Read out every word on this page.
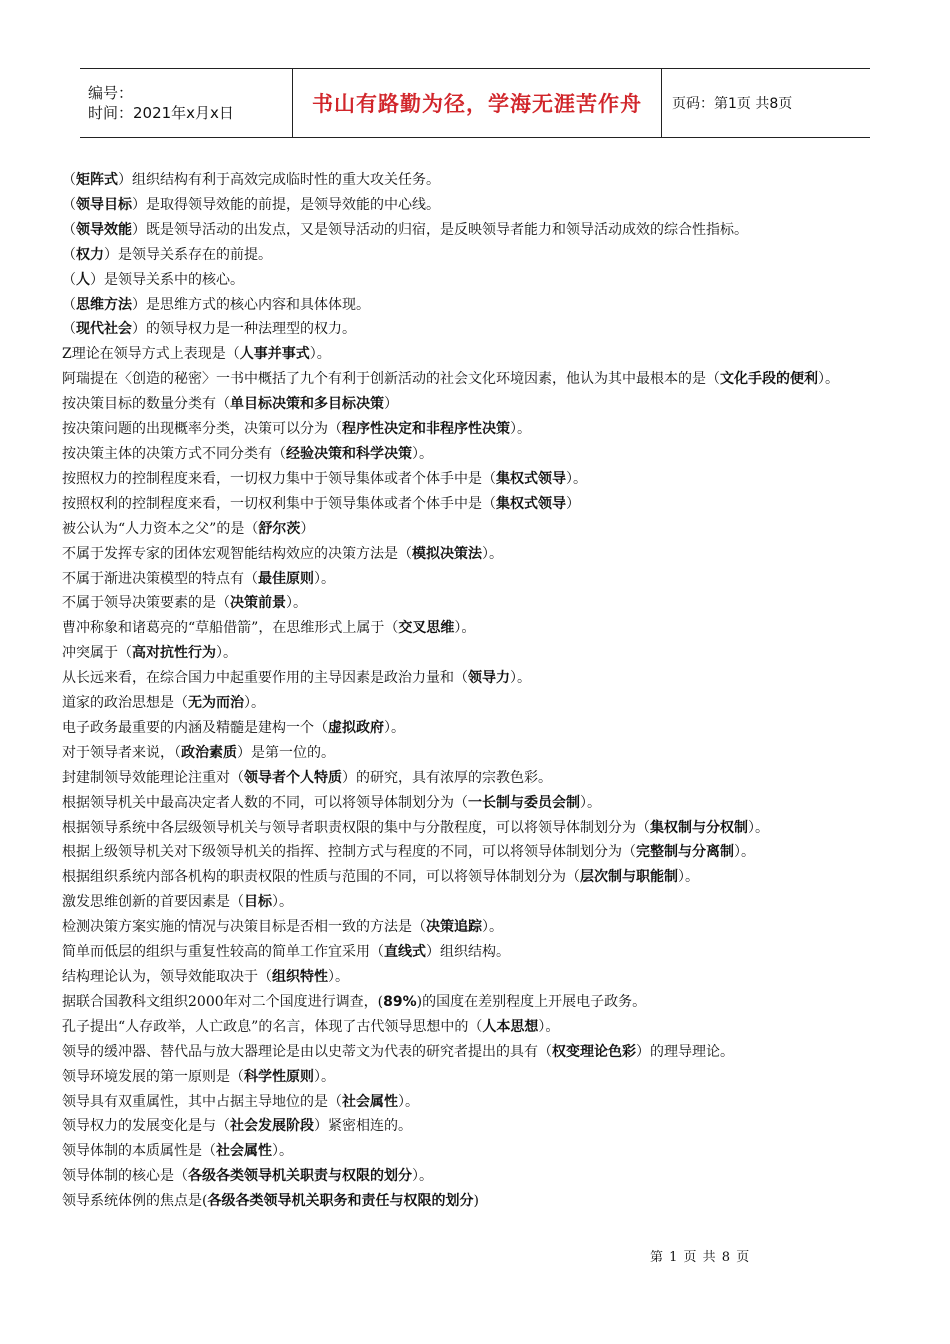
编号：
时间：2021年x月x日	书山有路勤为径，学海无涯苦作舟 页码：第1页 共8页
（矩阵式）组织结构有利于高效完成临时性的重大攻关任务。
（领导目标）是取得领导效能的前提，是领导效能的中心线。
（领导效能）既是领导活动的出发点，又是领导活动的归宿，是反映领导者能力和领导活动成效的综合性指标。
（权力）是领导关系存在的前提。
（人）是领导关系中的核心。
（思维方法）是思维方式的核心内容和具体体现。
（现代社会）的领导权力是一种法理型的权力。
Z理论在领导方式上表现是（人事并事式）。
阿瑞提在〈创造的秘密〉一书中概括了九个有利于创新活动的社会文化环境因素，他认为其中最根本的是（文化手段的便利）。
按决策目标的数量分类有（单目标决策和多目标决策）
按决策问题的出现概率分类，决策可以分为（程序性决定和非程序性决策）。
按决策主体的决策方式不同分类有（经验决策和科学决策）。
按照权力的控制程度来看，一切权力集中于领导集体或者个体手中是（集权式领导）。
按照权利的控制程度来看，一切权利集中于领导集体或者个体手中是（集权式领导）
被公认为“人力资本之父”的是（舒尔茨）
不属于发挥专家的团体宏观智能结构效应的决策方法是（模拟决策法）。
不属于渐进决策模型的特点有（最佳原则）。
不属于领导决策要素的是（决策前景）。
曹冲称象和诸葛亮的“草船借箭”，在思维形式上属于（交叉思维）。
冲突属于（高对抗性行为）。
从长远来看，在综合国力中起重要作用的主导因素是政治力量和（领导力）。
道家的政治思想是（无为而治）。
电子政务最重要的内涵及精髓是建构一个（虚拟政府）。
对于领导者来说，（政治素质）是第一位的。
封建制领导效能理论注重对（领导者个人特质）的研究，具有浓厚的宗教色彩。
根据领导机关中最高决定者人数的不同，可以将领导体制划分为（一长制与委员会制）。
根据领导系统中各层级领导机关与领导者职责权限的集中与分散程度，可以将领导体制划分为（集权制与分权制）。
根据上级领导机关对下级领导机关的指挥、控制方式与程度的不同，可以将领导体制划分为（完整制与分离制）。
根据组织系统内部各机构的职责权限的性质与范围的不同，可以将领导体制划分为（层次制与职能制）。
激发思维创新的首要因素是（目标）。
检测决策方案实施的情况与决策目标是否相一致的方法是（决策追踪）。
简单而低层的组织与重复性较高的简单工作宜采用（直线式）组织结构。
结构理论认为，领导效能取决于（组织特性）。
据联合国教科文组织2000年对二个国度进行调查，(89%)的国度在差别程度上开展电子政务。
孔子提出“人存政举，人亡政息”的名言，体现了古代领导思想中的（人本思想）。
领导的缓冲器、替代品与放大器理论是由以史蒂文为代表的研究者提出的具有（权变理论色彩）的理导理论。
领导环境发展的第一原则是（科学性原则）。
领导具有双重属性，其中占据主导地位的是（社会属性）。
领导权力的发展变化是与（社会发展阶段）紧密相连的。
领导体制的本质属性是（社会属性）。
领导体制的核心是（各级各类领导机关职责与权限的划分）。
领导系统体例的焦点是(各级各类领导机关职务和责任与权限的划分)
第 1 页 共 8 页
